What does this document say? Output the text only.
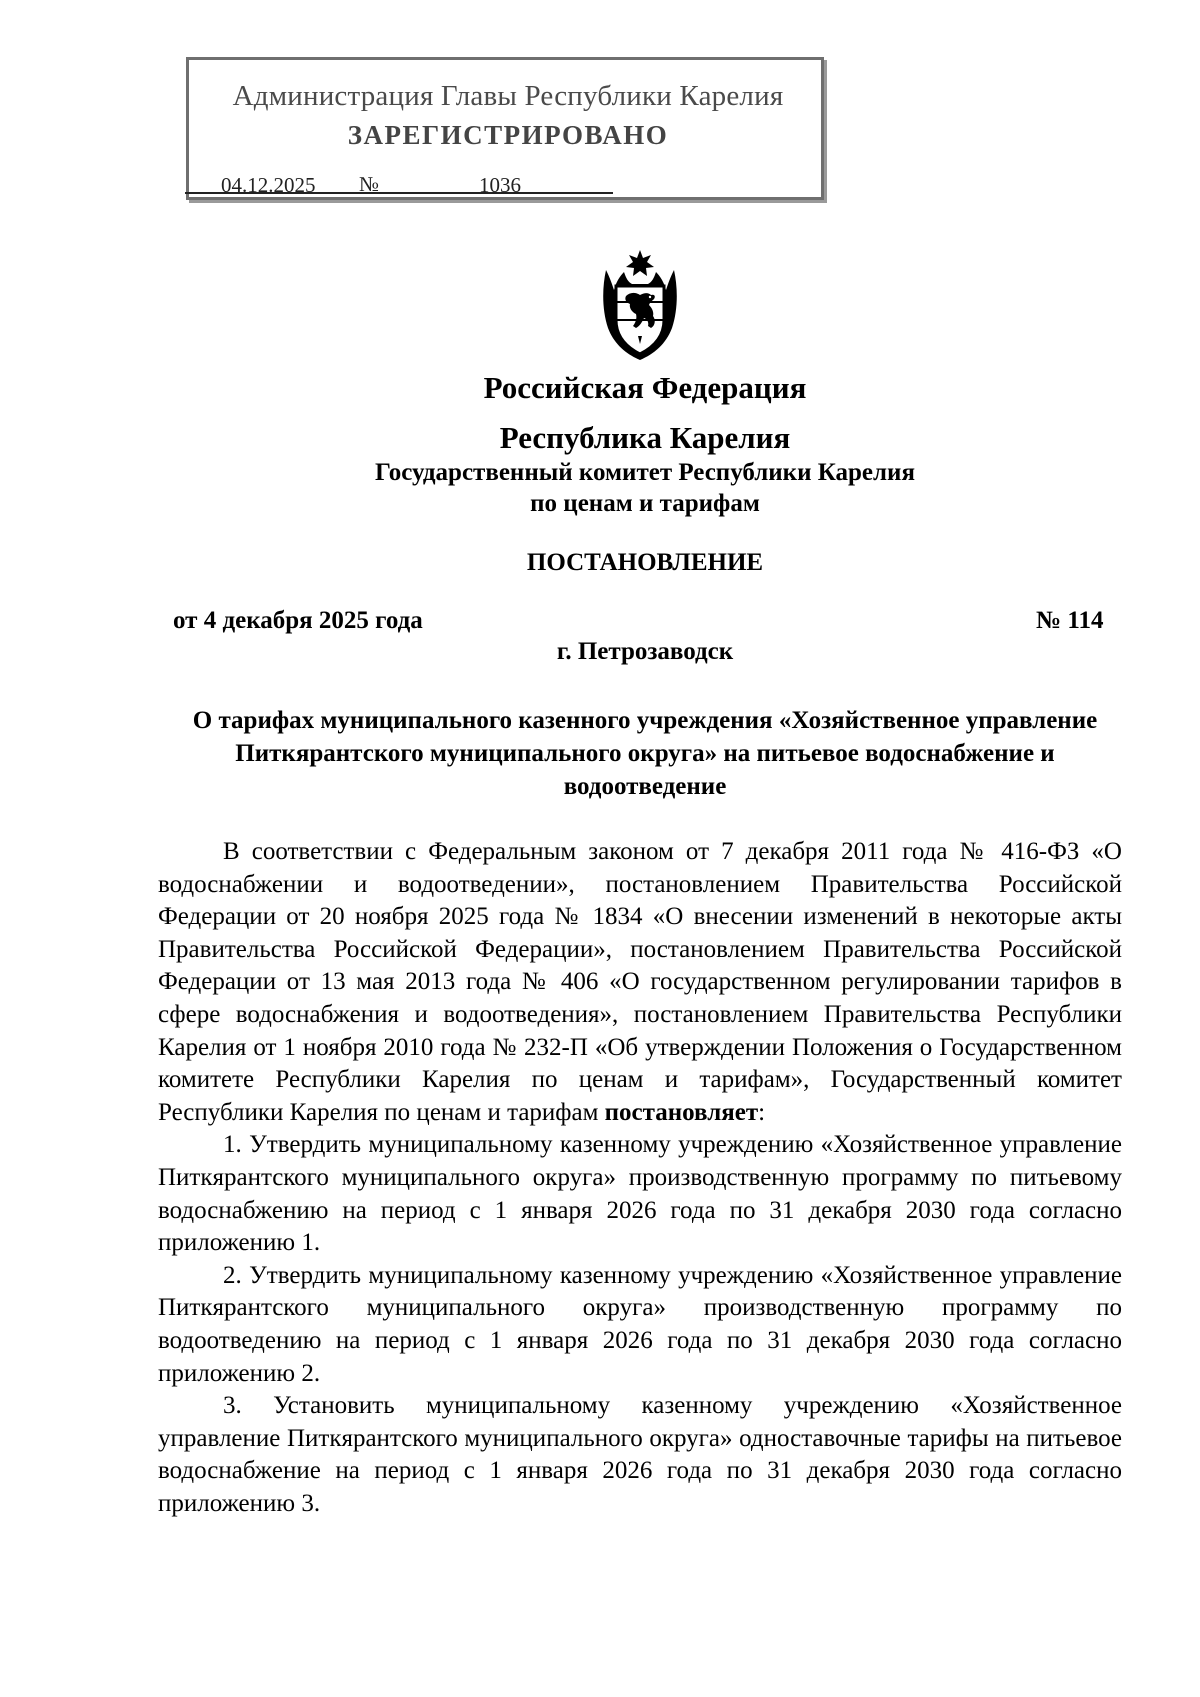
Администрация Главы Республики Карелия
ЗАРЕГИСТРИРОВАНО
04.12.2025 №	1036
Российская Федерация
Республика Карелия
Государственный комитет Республики Карелия
по ценам и тарифам
ПОСТАНОВЛЕНИЕ
от 4 декабря 2025 года	№ 114
г. Петрозаводск
О тарифах муниципального казенного учреждения «Хозяйственное управление Питкярантского муниципального округа» на питьевое водоснабжение и водоотведение

В соответствии с Федеральным законом от 7 декабря 2011 года № 416-ФЗ «О водоснабжении и водоотведении», постановлением Правительства Российской Федерации от 20 ноября 2025 года № 1834 «О внесении изменений в некоторые акты Правительства Российской Федерации», постановлением Правительства Российской Федерации от 13 мая 2013 года № 406 «О государственном регулировании тарифов в сфере водоснабжения и водоотведения», постановлением Правительства Республики Карелия от 1 ноября 2010 года № 232-П «Об утверждении Положения о Государственном комитете Республики Карелия по ценам и тарифам», Государственный комитет Республики Карелия по ценам и тарифам постановляет:

1. Утвердить муниципальному казенному учреждению «Хозяйственное управление Питкярантского муниципального округа» производственную программу по питьевому водоснабжению на период с 1 января 2026 года по 31 декабря 2030 года согласно приложению 1.

2. Утвердить муниципальному казенному учреждению «Хозяйственное управление Питкярантского муниципального округа» производственную программу по водоотведению на период с 1 января 2026 года по 31 декабря 2030 года согласно приложению 2.

3. Установить муниципальному казенному учреждению «Хозяйственное управление Питкярантского муниципального округа» одноставочные тарифы на питьевое водоснабжение на период с 1 января 2026 года по 31 декабря 2030 года согласно приложению 3.
